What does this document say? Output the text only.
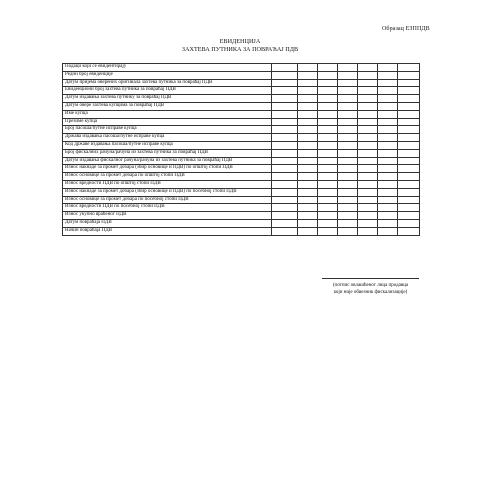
Образац ЕЗППДВ
ЕВИДЕНЦИЈА
ЗАХТЕВА ПУТНИКА ЗА ПОВРАЋАЈ ПДВ
Подаци који се евидентирају							
Редни број евиденције							
Датум пријема оверених оригинала захтева путника за повраћај ПДВ							
Евиденциони број захтева путника за повраћај ПДВ							
Датум издавања захтева путнику за повраћај ПДВ							
Датум овере захтева купцима за повраћај ПДВ							
Име купца							
Презиме купца							
Број пасоша/путне исправе купца							
Држава издавања пасоша/путне исправе купца							
Код државе издавања пасоша/путне исправе купца							
Број фискалних рачуна/рачуна из захтева путника за повраћај ПДВ							
Датум издавања фискалног рачуна/рачуна из захтева путника за повраћај ПДВ							
Износ накнаде за промет добара (збир основице и ПДВ) по општој стопи ПДВ							
Износ основице за промет добара по општој стопи ПДВ							
Износ вредности ПДВ по општој стопи ПДВ							
Износ накнаде за промет добара (збир основице и ПДВ) по посебној стопи ПДВ							
Износ основице за промет добара по посебној стопи ПДВ							
Износ вредности ПДВ по посебној стопи ПДВ							
Износ укупно враћеног ПДВ							
Датум повраћаја ПДВ							
Начин повраћаја ПДВ							
(потпис овлашћеног лица продавца
који није обвезник фискализације)
